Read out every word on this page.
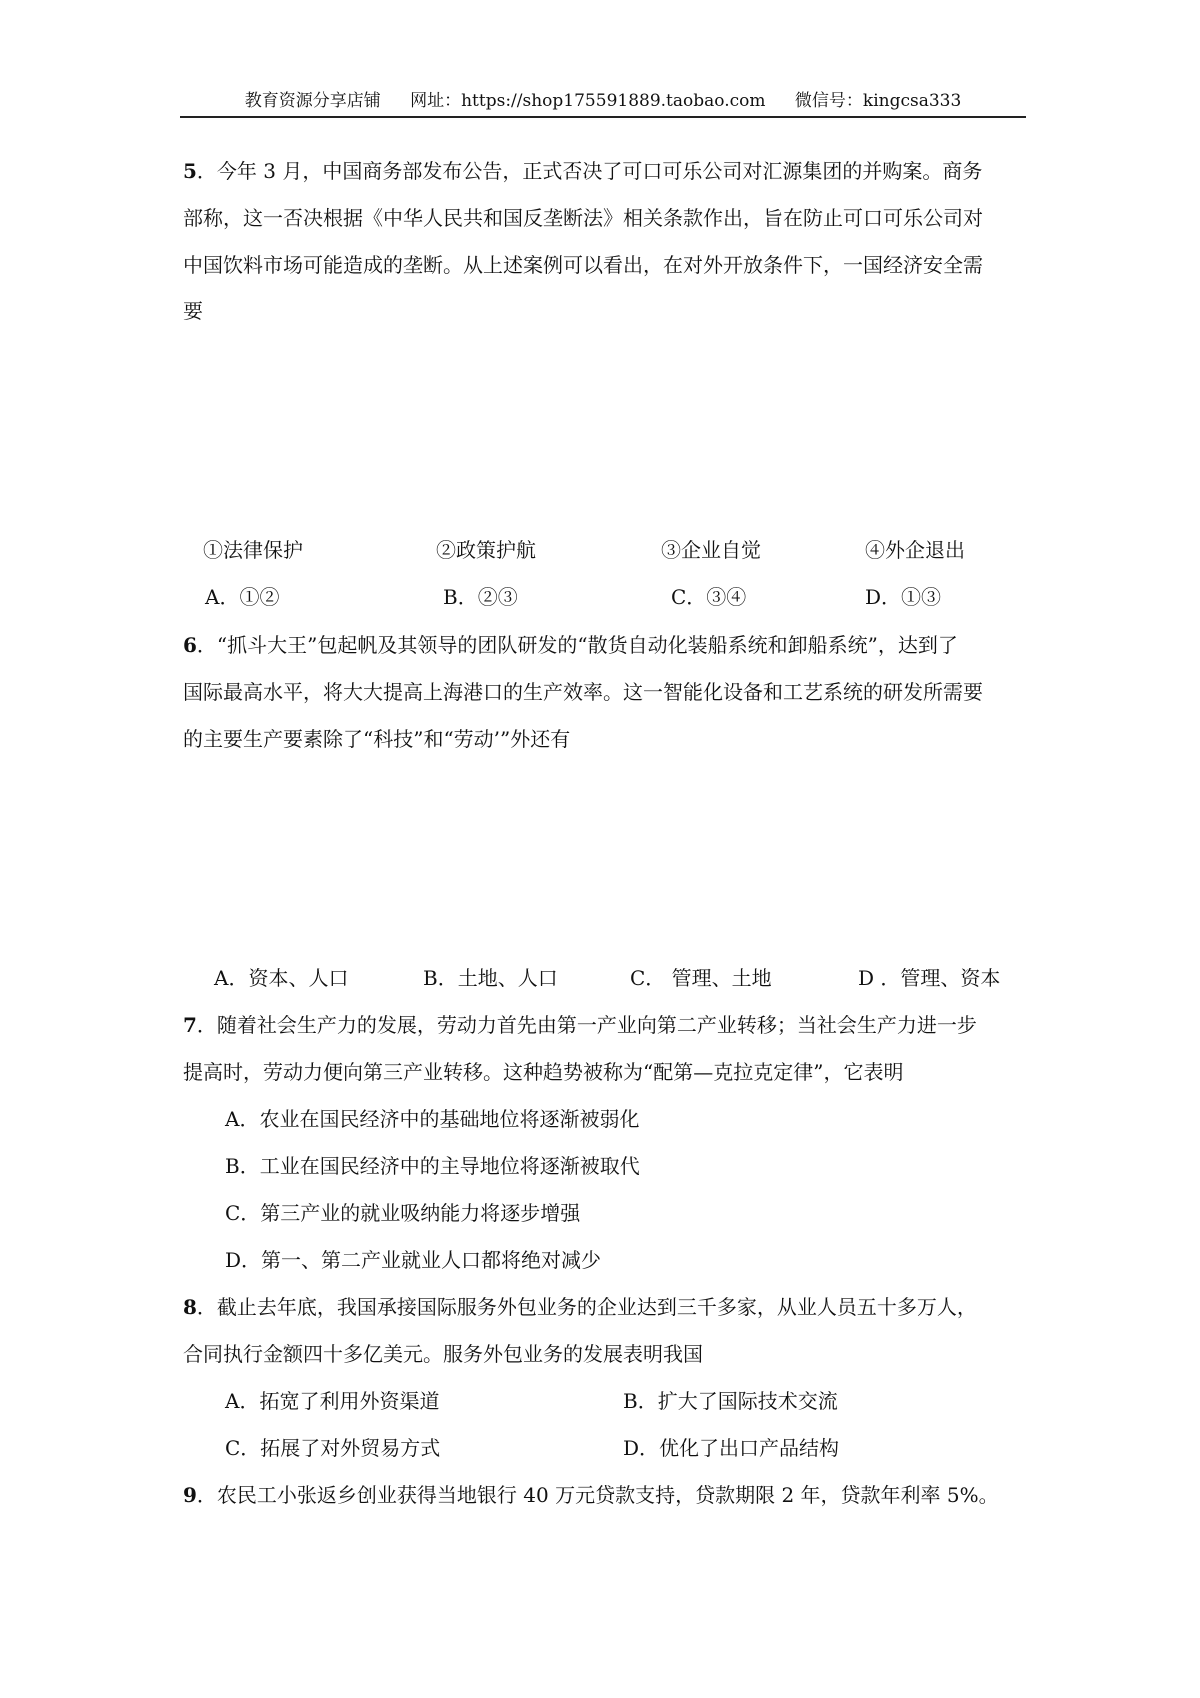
教育资源分享店铺 网址：https://shop175591889.taobao.com 微信号：kingcsa333
5．今年 3 月，中国商务部发布公告，正式否决了可口可乐公司对汇源集团的并购案。商务
部称，这一否决根据《中华人民共和国反垄断法》相关条款作出，旨在防止可口可乐公司对
中国饮料市场可能造成的垄断。从上述案例可以看出，在对外开放条件下，一国经济安全需
要
①法律保护	②政策护航	③企业自觉	④外企退出
A．①②	B．②③	C．③④	D．①③
6．“抓斗大王”包起帆及其领导的团队研发的“散货自动化装船系统和卸船系统”，达到了
国际最高水平，将大大提高上海港口的生产效率。这一智能化设备和工艺系统的研发所需要
的主要生产要素除了“科技”和“劳动’”外还有
A．资本、人口	B．土地、人口	C． 管理、土地	D ．管理、资本
7．随着社会生产力的发展，劳动力首先由第一产业向第二产业转移；当社会生产力进一步
提高时，劳动力便向第三产业转移。这种趋势被称为“配第—克拉克定律”，它表明
A．农业在国民经济中的基础地位将逐渐被弱化
B．工业在国民经济中的主导地位将逐渐被取代
C．第三产业的就业吸纳能力将逐步增强
D．第一、第二产业就业人口都将绝对减少
8．截止去年底，我国承接国际服务外包业务的企业达到三千多家，从业人员五十多万人，
合同执行金额四十多亿美元。服务外包业务的发展表明我国
A．拓宽了利用外资渠道	B．扩大了国际技术交流
C．拓展了对外贸易方式	D．优化了出口产品结构
9．农民工小张返乡创业获得当地银行 40 万元贷款支持，贷款期限 2 年，贷款年利率 5%。
